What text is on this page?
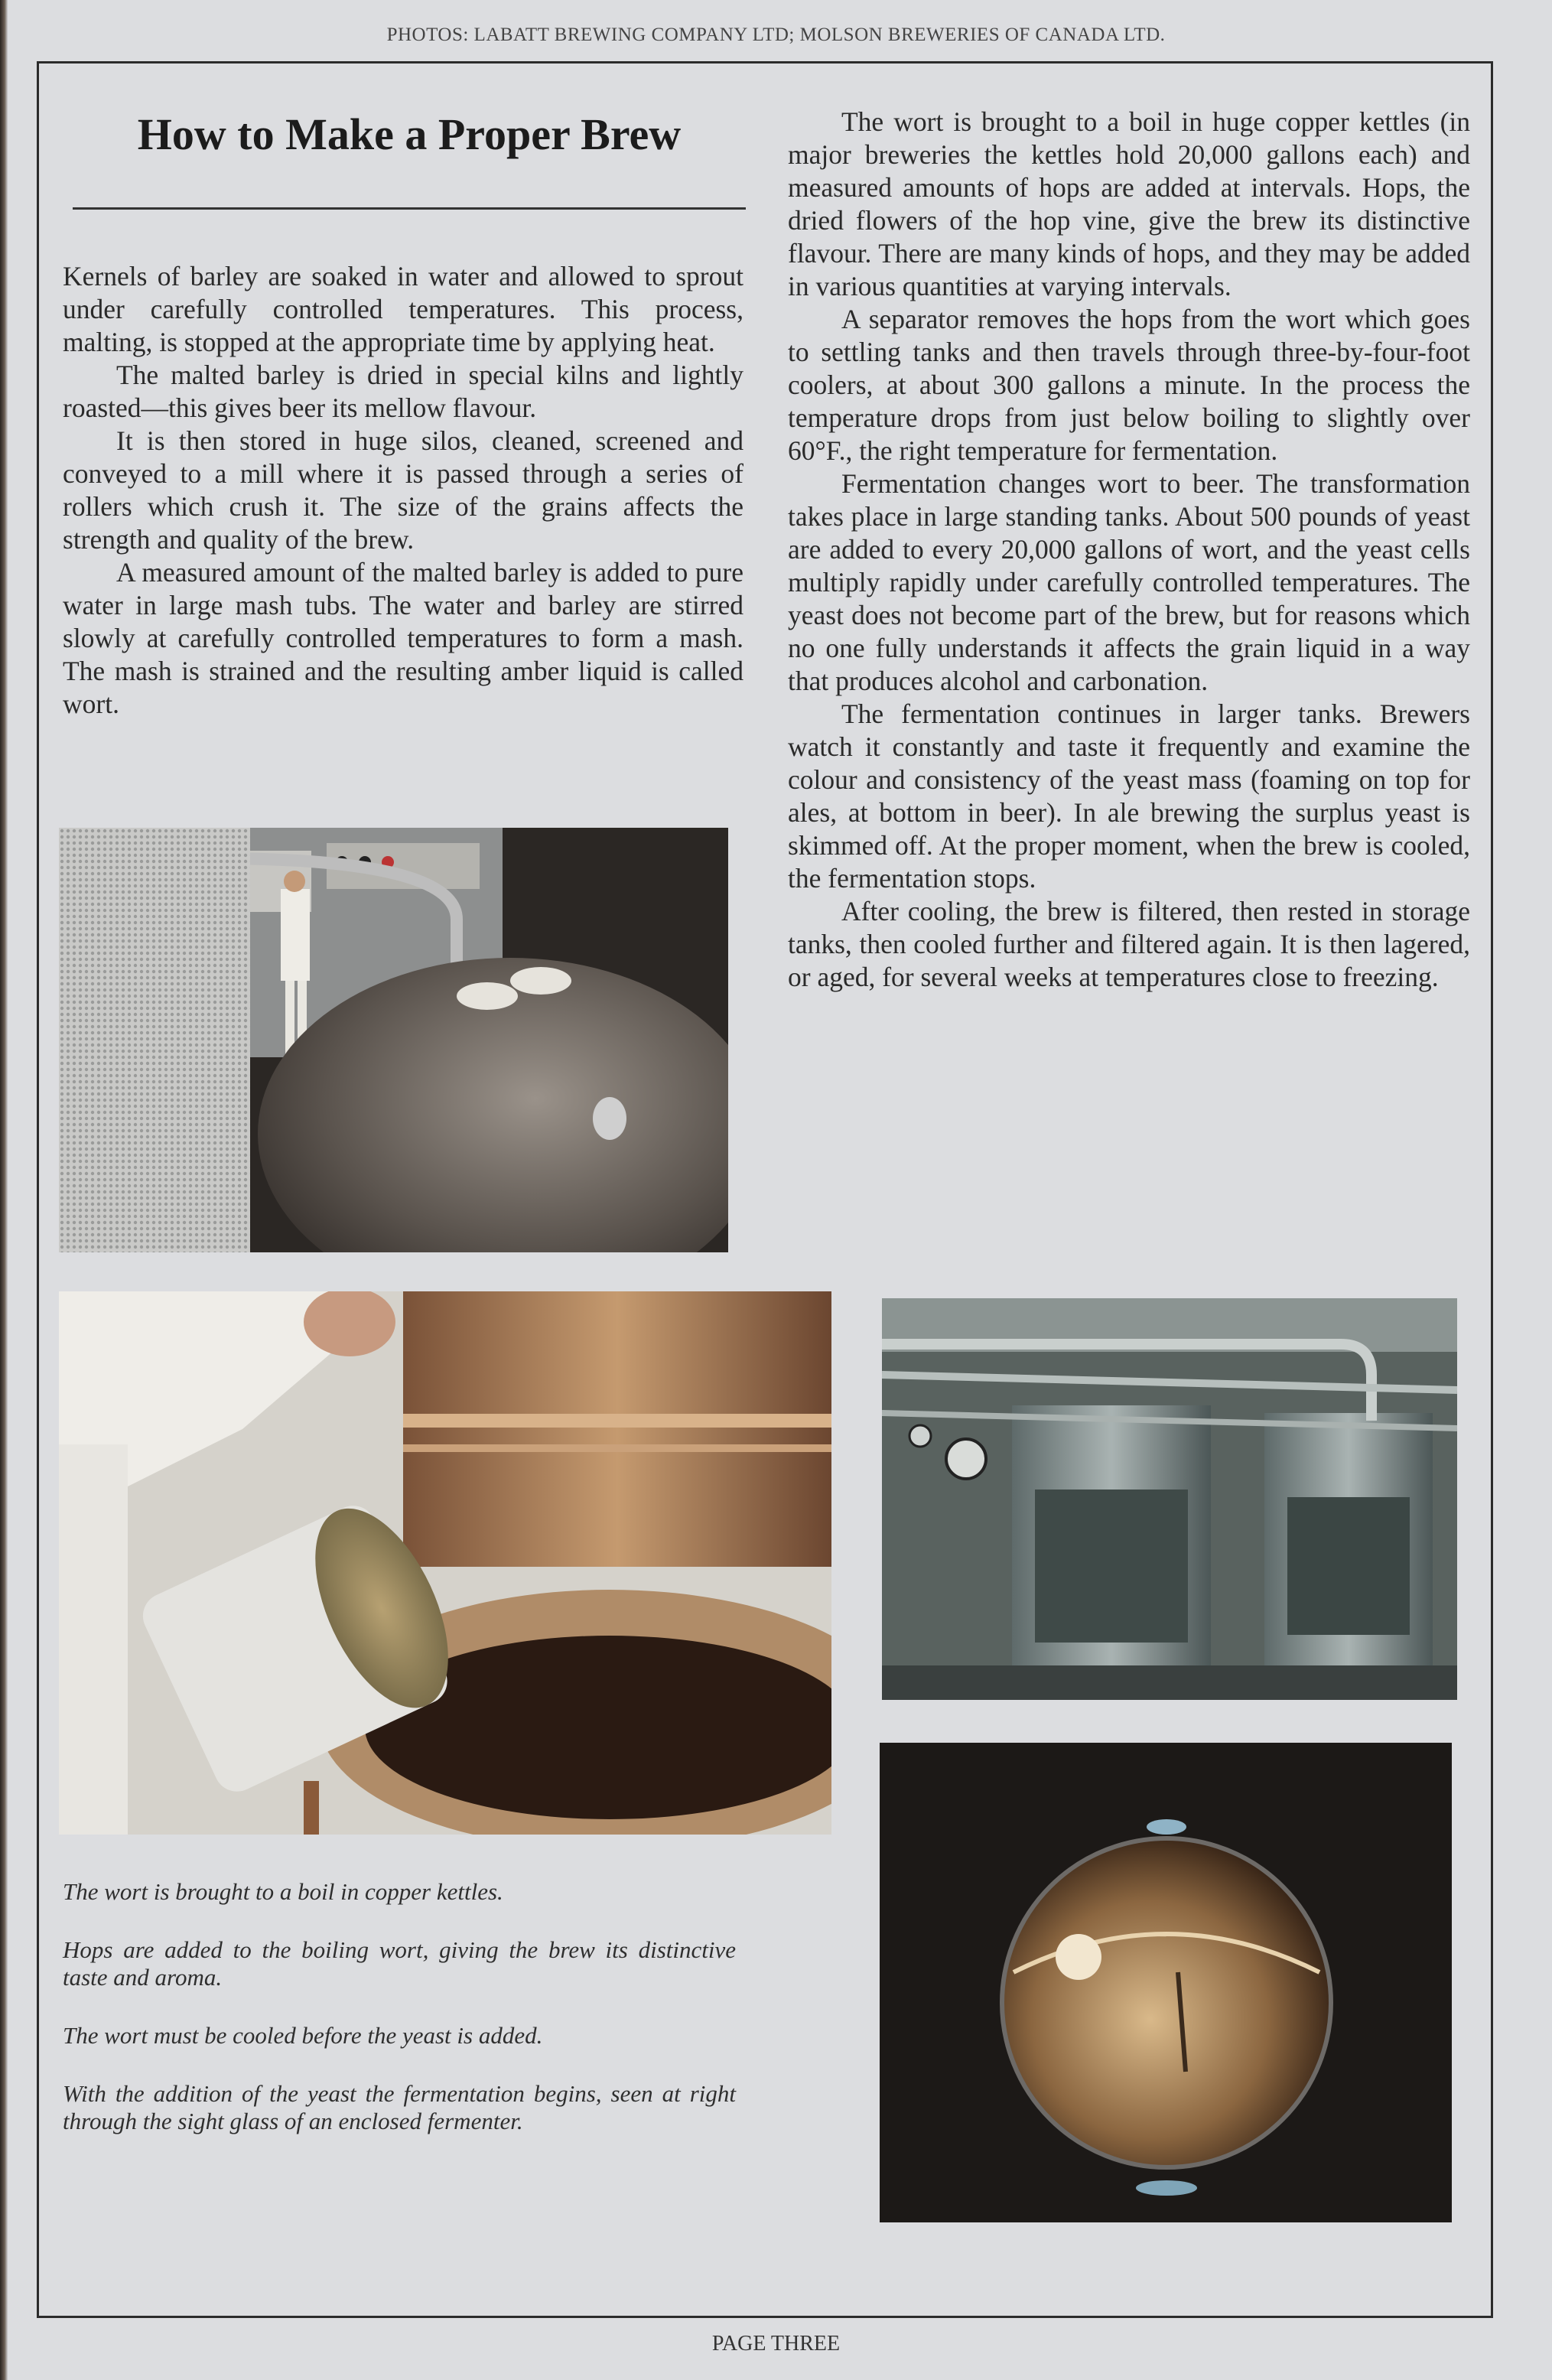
PHOTOS: LABATT BREWING COMPANY LTD; MOLSON BREWERIES OF CANADA LTD.
How to Make a Proper Brew

Kernels of barley are soaked in water and allowed to sprout under carefully controlled temperatures. This process, malting, is stopped at the appropriate time by applying heat.

The malted barley is dried in special kilns and lightly roasted—this gives beer its mellow flavour.

It is then stored in huge silos, cleaned, screened and conveyed to a mill where it is passed through a series of rollers which crush it. The size of the grains affects the strength and quality of the brew.

A measured amount of the malted barley is added to pure water in large mash tubs. The water and barley are stirred slowly at carefully controlled temperatures to form a mash. The mash is strained and the resulting amber liquid is called wort.

The wort is brought to a boil in huge copper kettles (in major breweries the kettles hold 20,000 gallons each) and measured amounts of hops are added at intervals. Hops, the dried flowers of the hop vine, give the brew its distinctive flavour. There are many kinds of hops, and they may be added in various quantities at varying intervals.

A separator removes the hops from the wort which goes to settling tanks and then travels through three-by-four-foot coolers, at about 300 gallons a minute. In the process the temperature drops from just below boiling to slightly over 60°F., the right temperature for fermentation.

Fermentation changes wort to beer. The transformation takes place in large standing tanks. About 500 pounds of yeast are added to every 20,000 gallons of wort, and the yeast cells multiply rapidly under carefully controlled temperatures. The yeast does not become part of the brew, but for reasons which no one fully understands it affects the grain liquid in a way that produces alcohol and carbonation.

The fermentation continues in larger tanks. Brewers watch it constantly and taste it frequently and examine the colour and consistency of the yeast mass (foaming on top for ales, at bottom in beer). In ale brewing the surplus yeast is skimmed off. At the proper moment, when the brew is cooled, the fermentation stops.

After cooling, the brew is filtered, then rested in storage tanks, then cooled further and filtered again. It is then lagered, or aged, for several weeks at temperatures close to freezing.

The wort is brought to a boil in copper kettles.

Hops are added to the boiling wort, giving the brew its distinctive taste and aroma.

The wort must be cooled before the yeast is added.

With the addition of the yeast the fermentation begins, seen at right through the sight glass of an enclosed fermenter.

PAGE THREE
